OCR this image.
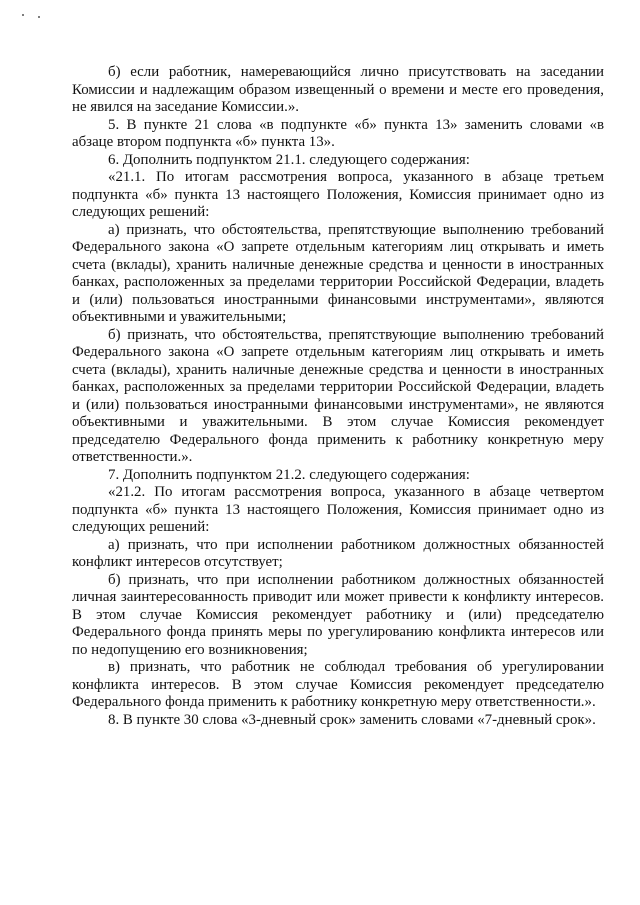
б) если работник, намеревающийся лично присутствовать на заседании Комиссии и надлежащим образом извещенный о времени и месте его проведения, не явился на заседание Комиссии.».

5. В пункте 21 слова «в подпункте «б» пункта 13» заменить словами «в абзаце втором подпункта «б» пункта 13».

6. Дополнить подпунктом 21.1. следующего содержания:

«21.1. По итогам рассмотрения вопроса, указанного в абзаце третьем подпункта «б» пункта 13 настоящего Положения, Комиссия принимает одно из следующих решений:

а) признать, что обстоятельства, препятствующие выполнению требований Федерального закона «О запрете отдельным категориям лиц открывать и иметь счета (вклады), хранить наличные денежные средства и ценности в иностранных банках, расположенных за пределами территории Российской Федерации, владеть и (или) пользоваться иностранными финансовыми инструментами», являются объективными и уважительными;

б) признать, что обстоятельства, препятствующие выполнению требований Федерального закона «О запрете отдельным категориям лиц открывать и иметь счета (вклады), хранить наличные денежные средства и ценности в иностранных банках, расположенных за пределами территории Российской Федерации, владеть и (или) пользоваться иностранными финансовыми инструментами», не являются объективными и уважительными. В этом случае Комиссия рекомендует председателю Федерального фонда применить к работнику конкретную меру ответственности.».

7. Дополнить подпунктом 21.2. следующего содержания:

«21.2. По итогам рассмотрения вопроса, указанного в абзаце четвертом подпункта «б» пункта 13 настоящего Положения, Комиссия принимает одно из следующих решений:

а) признать, что при исполнении работником должностных обязанностей конфликт интересов отсутствует;

б) признать, что при исполнении работником должностных обязанностей личная заинтересованность приводит или может привести к конфликту интересов. В этом случае Комиссия рекомендует работнику и (или) председателю Федерального фонда принять меры по урегулированию конфликта интересов или по недопущению его возникновения;

в) признать, что работник не соблюдал требования об урегулировании конфликта интересов. В этом случае Комиссия рекомендует председателю Федерального фонда применить к работнику конкретную меру ответственности.».

8. В пункте 30 слова «3-дневный срок» заменить словами «7-дневный срок».
